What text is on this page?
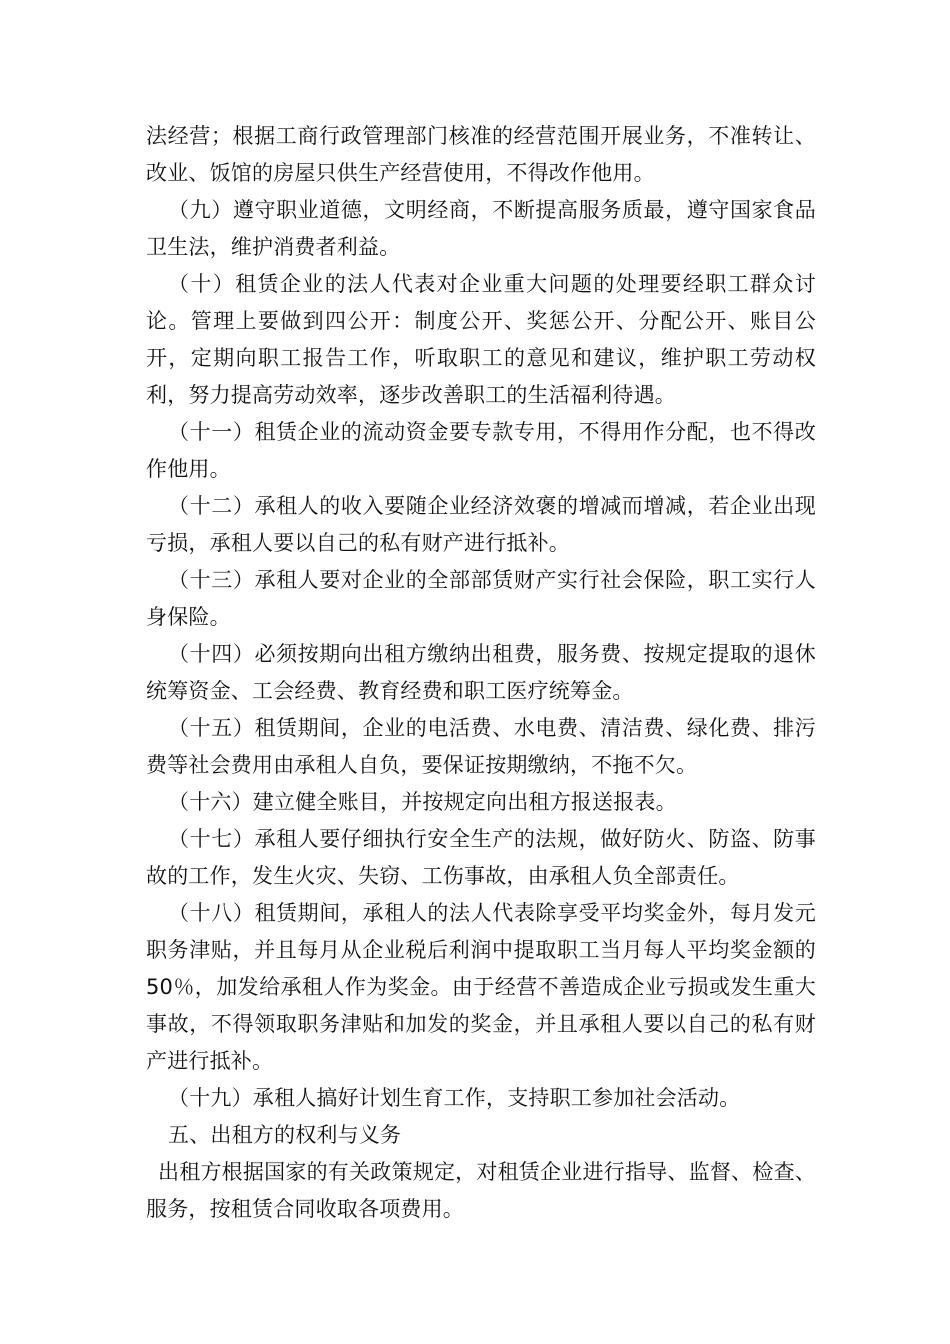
法经营；根据工商行政管理部门核准的经营范围开展业务，不准转让、改业、饭馆的房屋只供生产经营使用，不得改作他用。

（九）遵守职业道德，文明经商，不断提高服务质最，遵守国家食品卫生法，维护消费者利益。

（十）租赁企业的法人代表对企业重大问题的处理要经职工群众讨论。管理上要做到四公开：制度公开、奖惩公开、分配公开、账目公开，定期向职工报告工作，听取职工的意见和建议，维护职工劳动权利，努力提高劳动效率，逐步改善职工的生活福利待遇。

（十一）租赁企业的流动资金要专款专用，不得用作分配，也不得改作他用。

（十二）承租人的收入要随企业经济效褒的增减而增减，若企业出现亏损，承租人要以自己的私有财产进行抵补。

（十三）承租人要对企业的全部部赁财产实行社会保险，职工实行人身保险。

（十四）必须按期向出租方缴纳出租费，服务费、按规定提取的退休统筹资金、工会经费、教育经费和职工医疗统筹金。

（十五）租赁期间，企业的电活费、水电费、清洁费、绿化费、排污费等社会费用由承租人自负，要保证按期缴纳，不拖不欠。

（十六）建立健全账目，并按规定向出租方报送报表。

（十七）承租人要仔细执行安全生产的法规，做好防火、防盗、防事故的工作，发生火灾、失窃、工伤事故，由承租人负全部责任。

（十八）租赁期间，承租人的法人代表除享受平均奖金外，每月发元职务津贴，并且每月从企业税后利润中提取职工当月每人平均奖金额的 50％，加发给承租人作为奖金。由于经营不善造成企业亏损或发生重大事故，不得领取职务津贴和加发的奖金，并且承租人要以自己的私有财产进行抵补。

（十九）承租人搞好计划生育工作，支持职工参加社会活动。

五、出租方的权利与义务

出租方根据国家的有关政策规定，对租赁企业进行指导、监督、检查、服务，按租赁合同收取各项费用。
